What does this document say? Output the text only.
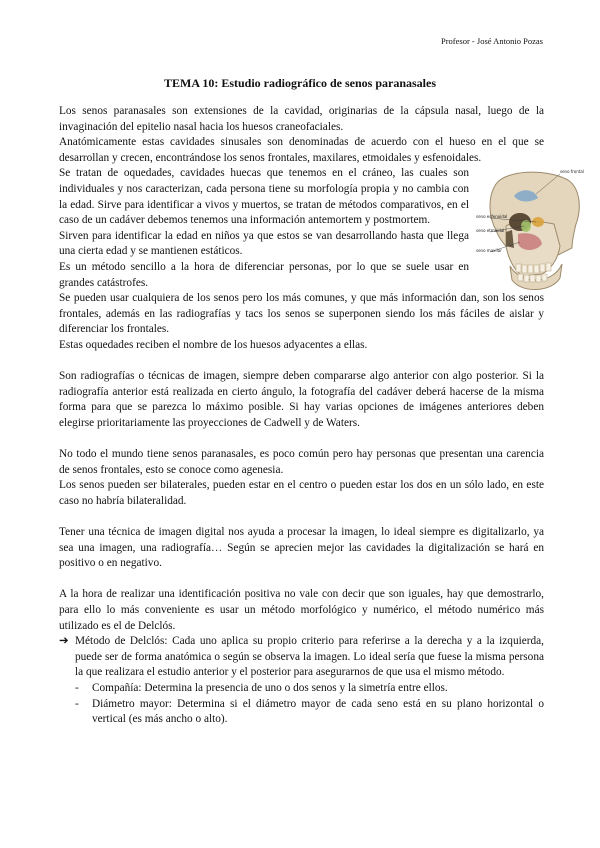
Profesor - José Antonio Pozas
TEMA 10: Estudio radiográfico de senos paranasales

Los senos paranasales son extensiones de la cavidad, originarias de la cápsula nasal, luego de la invaginación del epitelio nasal hacia los huesos craneofaciales.

Anatómicamente estas cavidades sinusales son denominadas de acuerdo con el hueso en el que se desarrollan y crecen, encontrándose los senos frontales, maxilares, etmoidales y esfenoidales.

Se tratan de oquedades, cavidades huecas que tenemos en el cráneo, las cuales son individuales y nos caracterizan, cada persona tiene su morfología propia y no cambia con la edad. Sirve para identificar a vivos y muertos, se tratan de métodos comparativos, en el caso de un cadáver debemos tenemos una información antemortem y postmortem.

Sirven para identificar la edad en niños ya que estos se van desarrollando hasta que llega una cierta edad y se mantienen estáticos.

Es un método sencillo a la hora de diferenciar personas, por lo que se suele usar en grandes catástrofes.

Se pueden usar cualquiera de los senos pero los más comunes, y que más información dan, son los senos frontales, además en las radiografías y tacs los senos se superponen siendo los más fáciles de aislar y diferenciar los frontales.

Estas oquedades reciben el nombre de los huesos adyacentes a ellas.

Son radiografías o técnicas de imagen, siempre deben compararse algo anterior con algo posterior. Si la radiografía anterior está realizada en cierto ángulo, la fotografía del cadáver deberá hacerse de la misma forma para que se parezca lo máximo posible. Si hay varias opciones de imágenes anteriores deben elegirse prioritariamente las proyecciones de Cadwell y de Waters.

No todo el mundo tiene senos paranasales, es poco común pero hay personas que presentan una carencia de senos frontales, esto se conoce como agenesia.

Los senos pueden ser bilaterales, pueden estar en el centro o pueden estar los dos en un sólo lado, en este caso no habría bilateralidad.

Tener una técnica de imagen digital nos ayuda a procesar la imagen, lo ideal siempre es digitalizarlo, ya sea una imagen, una radiografía… Según se aprecien mejor las cavidades la digitalización se hará en positivo o en negativo.

A la hora de realizar una identificación positiva no vale con decir que son iguales, hay que demostrarlo, para ello lo más conveniente es usar un método morfológico y numérico, el método numérico más utilizado es el de Delclós.

➔ Método de Delclós: Cada uno aplica su propio criterio para referirse a la derecha y a la izquierda, puede ser de forma anatómica o según se observa la imagen. Lo ideal sería que fuese la misma persona la que realizara el estudio anterior y el posterior para asegurarnos de que usa el mismo método.
-	Compañía: Determina la presencia de uno o dos senos y la simetría entre ellos.
-	Diámetro mayor: Determina si el diámetro mayor de cada seno está en su plano horizontal o vertical (es más ancho o alto).
seno frontal
seno esfenoidal
seno etmoidal
seno maxilar
